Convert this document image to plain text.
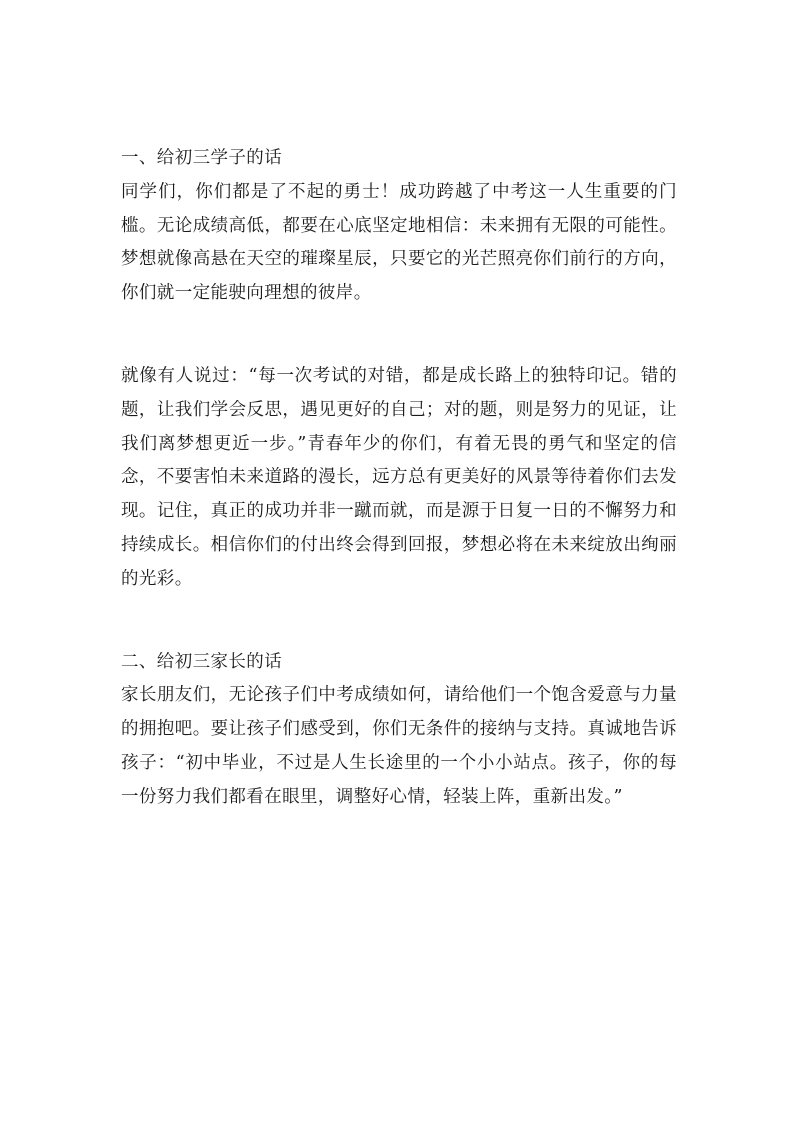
一、给初三学子的话

同学们，你们都是了不起的勇士！成功跨越了中考这一人生重要的门槛。无论成绩高低，都要在心底坚定地相信：未来拥有无限的可能性。梦想就像高悬在天空的璀璨星辰，只要它的光芒照亮你们前行的方向，你们就一定能驶向理想的彼岸。

就像有人说过：“每一次考试的对错，都是成长路上的独特印记。错的题，让我们学会反思，遇见更好的自己；对的题，则是努力的见证，让我们离梦想更近一步。”青春年少的你们，有着无畏的勇气和坚定的信念，不要害怕未来道路的漫长，远方总有更美好的风景等待着你们去发现。记住，真正的成功并非一蹴而就，而是源于日复一日的不懈努力和持续成长。相信你们的付出终会得到回报，梦想必将在未来绽放出绚丽的光彩。

二、给初三家长的话

家长朋友们，无论孩子们中考成绩如何，请给他们一个饱含爱意与力量的拥抱吧。要让孩子们感受到，你们无条件的接纳与支持。真诚地告诉孩子：“初中毕业，不过是人生长途里的一个小小站点。孩子，你的每一份努力我们都看在眼里，调整好心情，轻装上阵，重新出发。”
